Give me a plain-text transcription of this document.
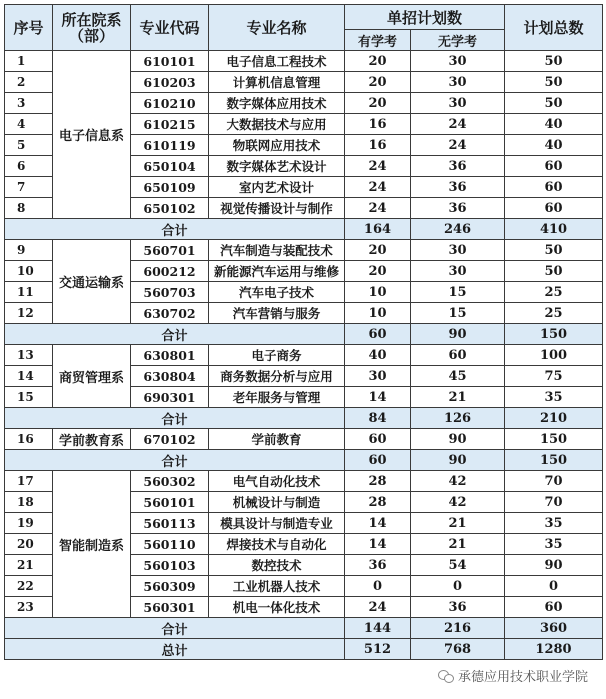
序号	所在院系
（部）	专业代码	专业名称	单招计划数		计划总数
				有学考	无学考	
1	电子信息系	610101	电子信息工程技术	20	30	50
2		610203	计算机信息管理	20	30	50
3		610210	数字媒体应用技术	20	30	50
4		610215	大数据技术与应用	16	24	40
5		610119	物联网应用技术	16	24	40
6		650104	数字媒体艺术设计	24	36	60
7		650109	室内艺术设计	24	36	60
8		650102	视觉传播设计与制作	24	36	60
合计				164	246	410
9	交通运输系	560701	汽车制造与装配技术	20	30	50
10		600212	新能源汽车运用与维修	20	30	50
11		560703	汽车电子技术	10	15	25
12		630702	汽车营销与服务	10	15	25
合计				60	90	150
13	商贸管理系	630801	电子商务	40	60	100
14		630804	商务数据分析与应用	30	45	75
15		690301	老年服务与管理	14	21	35
合计				84	126	210
16	学前教育系	670102	学前教育	60	90	150
合计				60	90	150
17	智能制造系	560302	电气自动化技术	28	42	70
18		560101	机械设计与制造	28	42	70
19		560113	模具设计与制造专业	14	21	35
20		560110	焊接技术与自动化	14	21	35
21		560103	数控技术	36	54	90
22		560309	工业机器人技术	0	0	0
23		560301	机电一体化技术	24	36	60
合计				144	216	360
总计				512	768	1280
承德应用技术职业学院
